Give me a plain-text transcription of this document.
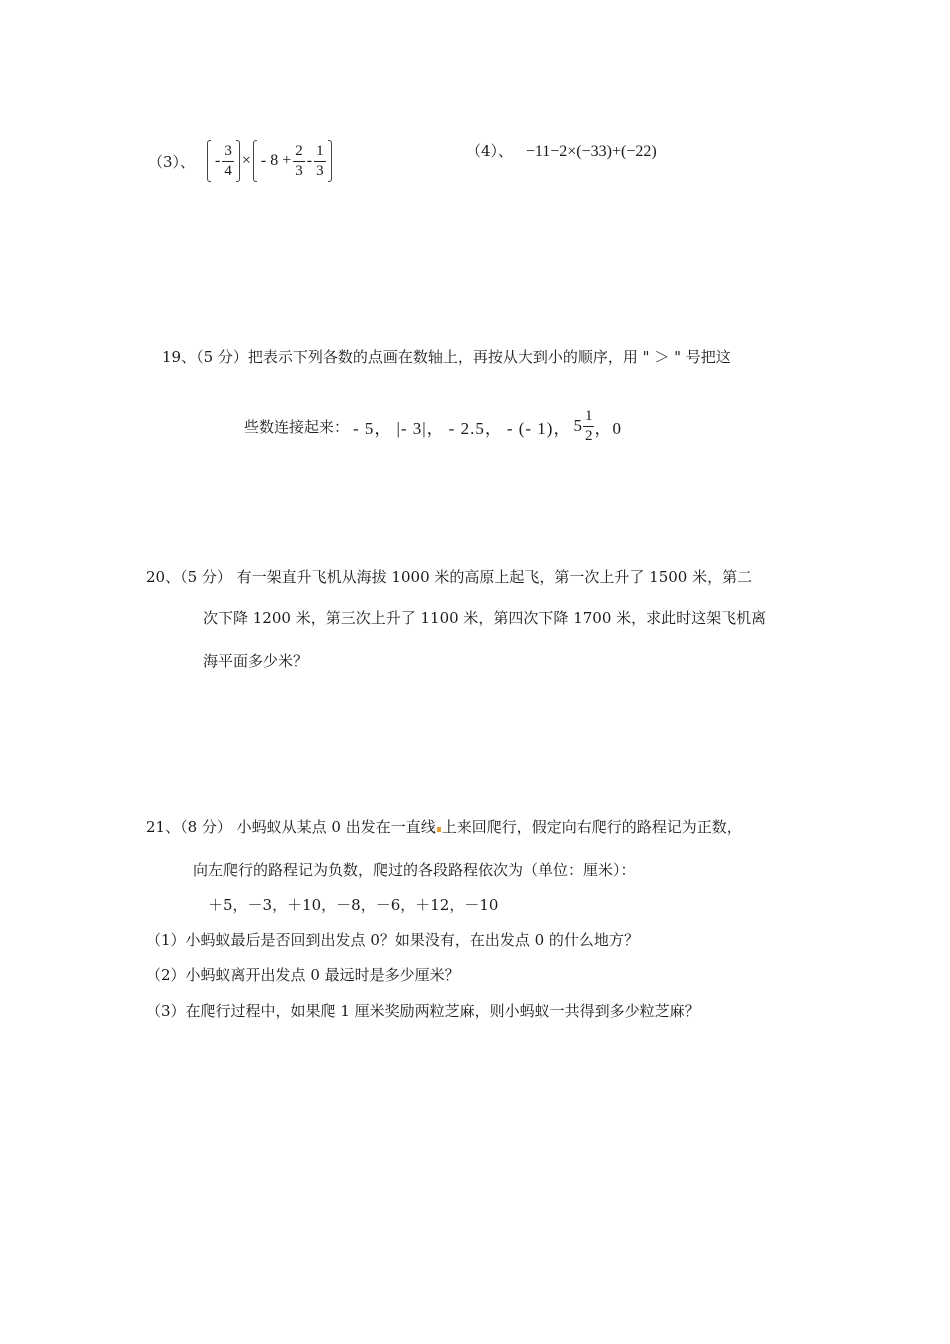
（3）、 - $\frac{3}{4}$ × - $8 + \frac{2}{3} - \frac{1}{3}$	（4）、 −11−2×(−33)+(−22)
19、（5 分）把表示下列各数的点画在数轴上，再按从大到小的顺序，用 " ＞ " 号把这
些数连接起来： - 5， |- 3|， - 2.5， - (- 1)， $5 \frac{1}{2}$ ，0
20、（5 分） 有一架直升飞机从海拔 1000 米的高原上起飞，第一次上升了 1500 米，第二
次下降 1200 米，第三次上升了 1100 米，第四次下降 1700 米，求此时这架飞机离
海平面多少米？
21、（8 分） 小蚂蚁从某点 0 出发在一直线 上来回爬行，假定向右爬行的路程记为正数，
向左爬行的路程记为负数，爬过的各段路程依次为（单位：厘米）：
＋5，－3，＋10，－8，－6，＋12，－10
（1）小蚂蚁最后是否回到出发点 0？如果没有，在出发点 0 的什么地方？
（2）小蚂蚁离开出发点 0 最远时是多少厘米？
（3）在爬行过程中，如果爬 1 厘米奖励两粒芝麻，则小蚂蚁一共得到多少粒芝麻？
